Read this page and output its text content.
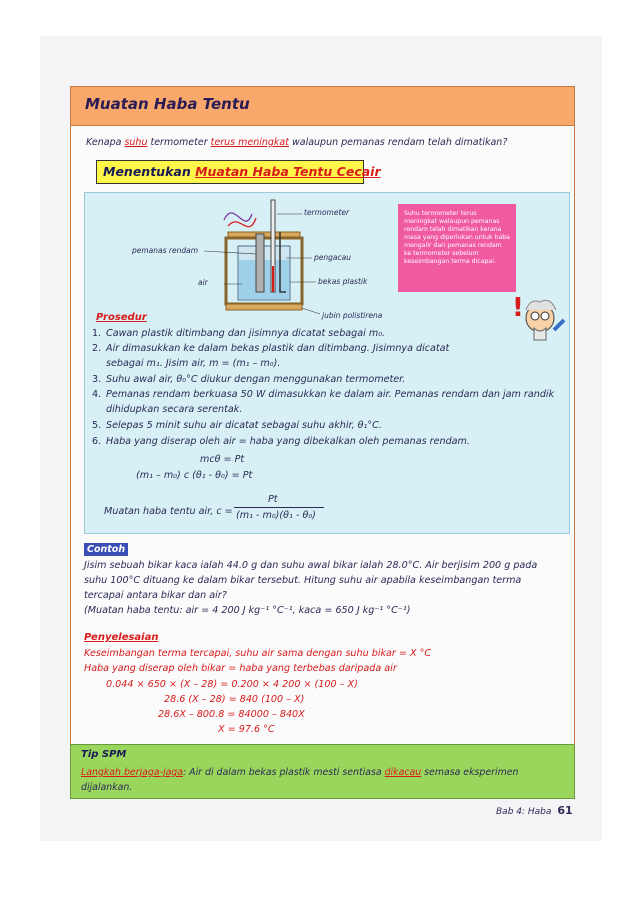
Muatan Haba Tentu
Kenapa suhu termometer terus meningkat walaupun pemanas rendam telah dimatikan?
Menentukan Muatan Haba Tentu Cecair
termometer
pemanas rendam
pengacau
air	bekas plastik
jubin polistirena
Suhu termometer terus meningkat walaupun pemanas rendam telah dimatikan kerana masa yang diperlukan untuk haba mengalir dari pemanas rendam ke termometer sebelum keseimbangan terma dicapai.
!
Prosedur
1. Cawan plastik ditimbang dan jisimnya dicatat sebagai m₀.
2. Air dimasukkan ke dalam bekas plastik dan ditimbang. Jisimnya dicatat
sebagai m₁. Jisim air, m = (m₁ – m₀).
3. Suhu awal air, θ₀°C diukur dengan menggunakan termometer.
4. Pemanas rendam berkuasa 50 W dimasukkan ke dalam air. Pemanas rendam dan jam randik
dihidupkan secara serentak.
5. Selepas 5 minit suhu air dicatat sebagai suhu akhir, θ₁°C.
6. Haba yang diserap oleh air = haba yang dibekalkan oleh pemanas rendam.
mcθ = Pt
(m₁ – m₀) c (θ₁ - θ₀) = Pt
Muatan haba tentu air, c =
Pt
(m₁ - m₀)(θ₁ - θ₀)
Contoh
Jisim sebuah bikar kaca ialah 44.0 g dan suhu awal bikar ialah 28.0°C. Air berjisim 200 g pada
suhu 100°C dituang ke dalam bikar tersebut. Hitung suhu air apabila keseimbangan terma
tercapai antara bikar dan air?
(Muatan haba tentu: air = 4 200 J kg⁻¹ °C⁻¹, kaca = 650 J kg⁻¹ °C⁻¹)
Penyelesaian
Keseimbangan terma tercapai, suhu air sama dengan suhu bikar = X °C
Haba yang diserap oleh bikar = haba yang terbebas daripada air
0.044 × 650 × (X – 28) = 0.200 × 4 200 × (100 – X)
28.6 (X – 28) = 840 (100 – X)
28.6X – 800.8 = 84000 – 840X
X = 97.6 °C
Tip SPM
Langkah berjaga-jaga: Air di dalam bekas plastik mesti sentiasa dikacau semasa eksperimen dijalankan.
Bab 4: Haba 61
